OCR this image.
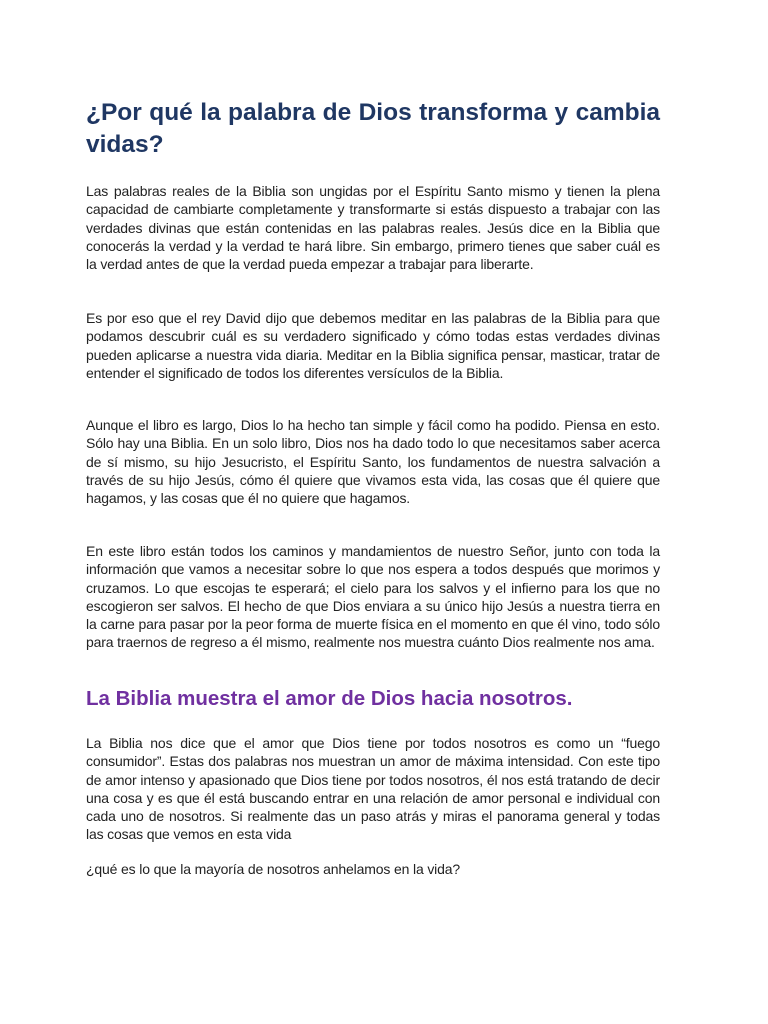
¿Por qué la palabra de Dios transforma y cambia vidas?

Las palabras reales de la Biblia son ungidas por el Espíritu Santo mismo y tienen la plena capacidad de cambiarte completamente y transformarte si estás dispuesto a trabajar con las verdades divinas que están contenidas en las palabras reales. Jesús dice en la Biblia que conocerás la verdad y la verdad te hará libre. Sin embargo, primero tienes que saber cuál es la verdad antes de que la verdad pueda empezar a trabajar para liberarte.

Es por eso que el rey David dijo que debemos meditar en las palabras de la Biblia para que podamos descubrir cuál es su verdadero significado y cómo todas estas verdades divinas pueden aplicarse a nuestra vida diaria. Meditar en la Biblia significa pensar, masticar, tratar de entender el significado de todos los diferentes versículos de la Biblia.

Aunque el libro es largo, Dios lo ha hecho tan simple y fácil como ha podido. Piensa en esto. Sólo hay una Biblia. En un solo libro, Dios nos ha dado todo lo que necesitamos saber acerca de sí mismo, su hijo Jesucristo, el Espíritu Santo, los fundamentos de nuestra salvación a través de su hijo Jesús, cómo él quiere que vivamos esta vida, las cosas que él quiere que hagamos, y las cosas que él no quiere que hagamos.

En este libro están todos los caminos y mandamientos de nuestro Señor, junto con toda la información que vamos a necesitar sobre lo que nos espera a todos después que morimos y cruzamos. Lo que escojas te esperará; el cielo para los salvos y el infierno para los que no escogieron ser salvos. El hecho de que Dios enviara a su único hijo Jesús a nuestra tierra en la carne para pasar por la peor forma de muerte física en el momento en que él vino, todo sólo para traernos de regreso a él mismo, realmente nos muestra cuánto Dios realmente nos ama.

La Biblia muestra el amor de Dios hacia nosotros.

La Biblia nos dice que el amor que Dios tiene por todos nosotros es como un “fuego consumidor”. Estas dos palabras nos muestran un amor de máxima intensidad. Con este tipo de amor intenso y apasionado que Dios tiene por todos nosotros, él nos está tratando de decir una cosa y es que él está buscando entrar en una relación de amor personal e individual con cada uno de nosotros. Si realmente das un paso atrás y miras el panorama general y todas las cosas que vemos en esta vida

¿qué es lo que la mayoría de nosotros anhelamos en la vida?
